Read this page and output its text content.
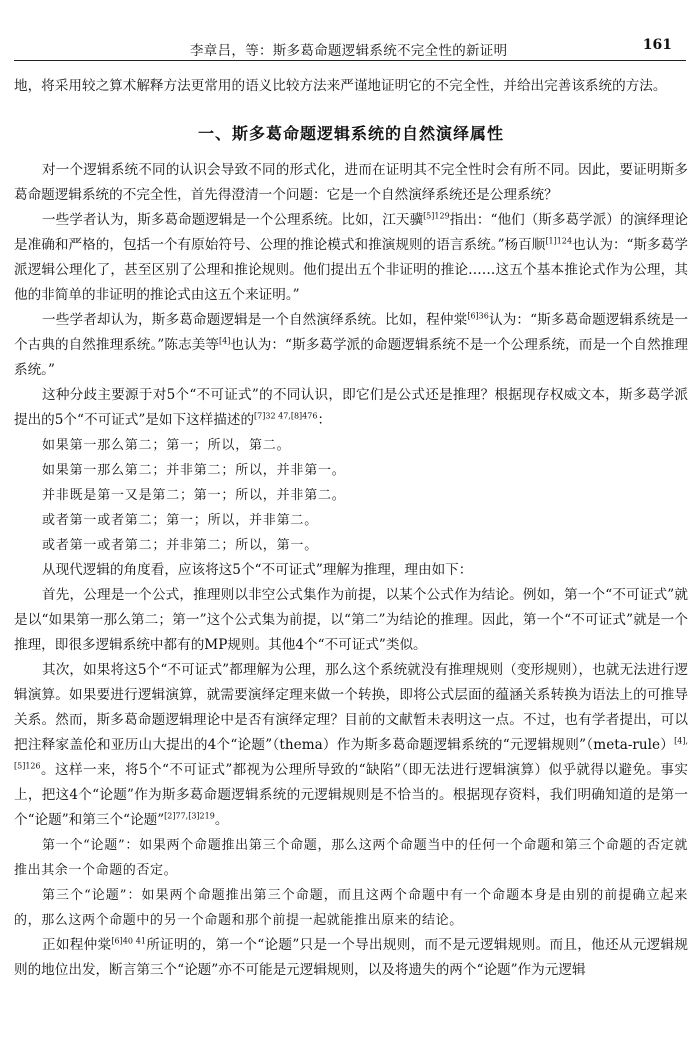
李章吕，等：斯多葛命题逻辑系统不完全性的新证明	161

地，将采用较之算术解释方法更常用的语义比较方法来严谨地证明它的不完全性，并给出完善该系统的方法。

一、斯多葛命题逻辑系统的自然演绎属性

对一个逻辑系统不同的认识会导致不同的形式化，进而在证明其不完全性时会有所不同。因此，要证明斯多葛命题逻辑系统的不完全性，首先得澄清一个问题：它是一个自然演绎系统还是公理系统？

一些学者认为，斯多葛命题逻辑是一个公理系统。比如，江天骥$^{[5]129}$指出：“他们（斯多葛学派）的演绎理论是准确和严格的，包括一个有原始符号、公理的推论模式和推演规则的语言系统。”杨百顺$^{[1]124}$也认为：“斯多葛学派逻辑公理化了，甚至区别了公理和推论规则。他们提出五个非证明的推论……这五个基本推论式作为公理，其他的非简单的非证明的推论式由这五个来证明。”

一些学者却认为，斯多葛命题逻辑是一个自然演绎系统。比如，程仲棠$^{[6]36}$认为：“斯多葛命题逻辑系统是一个古典的自然推理系统。”陈志美等[4]也认为：“斯多葛学派的命题逻辑系统不是一个公理系统，而是一个自然推理系统。”

这种分歧主要源于对5个“不可证式”的不同认识，即它们是公式还是推理？根据现存权威文本，斯多葛学派提出的5个“不可证式”是如下这样描述的$^{[7]32 47,[8]476}$：

如果第一那么第二；第一；所以，第二。
如果第一那么第二；并非第二；所以，并非第一。
并非既是第一又是第二；第一；所以，并非第二。
或者第一或者第二；第一；所以，并非第二。
或者第一或者第二；并非第二；所以，第一。

从现代逻辑的角度看，应该将这5个“不可证式”理解为推理，理由如下：

首先，公理是一个公式，推理则以非空公式集作为前提，以某个公式作为结论。例如，第一个“不可证式”就是以“如果第一那么第二；第一”这个公式集为前提，以“第二”为结论的推理。因此，第一个“不可证式”就是一个推理，即很多逻辑系统中都有的MP规则。其他4个“不可证式”类似。

其次，如果将这5个“不可证式”都理解为公理，那么这个系统就没有推理规则（变形规则），也就无法进行逻辑演算。如果要进行逻辑演算，就需要演绎定理来做一个转换，即将公式层面的蕴涵关系转换为语法上的可推导关系。然而，斯多葛命题逻辑理论中是否有演绎定理？目前的文献暂未表明这一点。不过，也有学者提出，可以把注释家盖伦和亚历山大提出的4个“论题”（thema）作为斯多葛命题逻辑系统的“元逻辑规则”（meta-rule）$^{[4],[5]126}$。这样一来，将5个“不可证式”都视为公理所导致的“缺陷”（即无法进行逻辑演算）似乎就得以避免。事实上，把这4个“论题”作为斯多葛命题逻辑系统的元逻辑规则是不恰当的。根据现存资料，我们明确知道的是第一个“论题”和第三个“论题”$^{[2]77,[3]219}$。

第一个“论题”：如果两个命题推出第三个命题，那么这两个命题当中的任何一个命题和第三个命题的否定就推出其余一个命题的否定。

第三个“论题”：如果两个命题推出第三个命题，而且这两个命题中有一个命题本身是由别的前提确立起来的，那么这两个命题中的另一个命题和那个前提一起就能推出原来的结论。

正如程仲棠$^{[6]40 41}$所证明的，第一个“论题”只是一个导出规则，而不是元逻辑规则。而且，他还从元逻辑规则的地位出发，断言第三个“论题”亦不可能是元逻辑规则，以及将遗失的两个“论题”作为元逻辑
